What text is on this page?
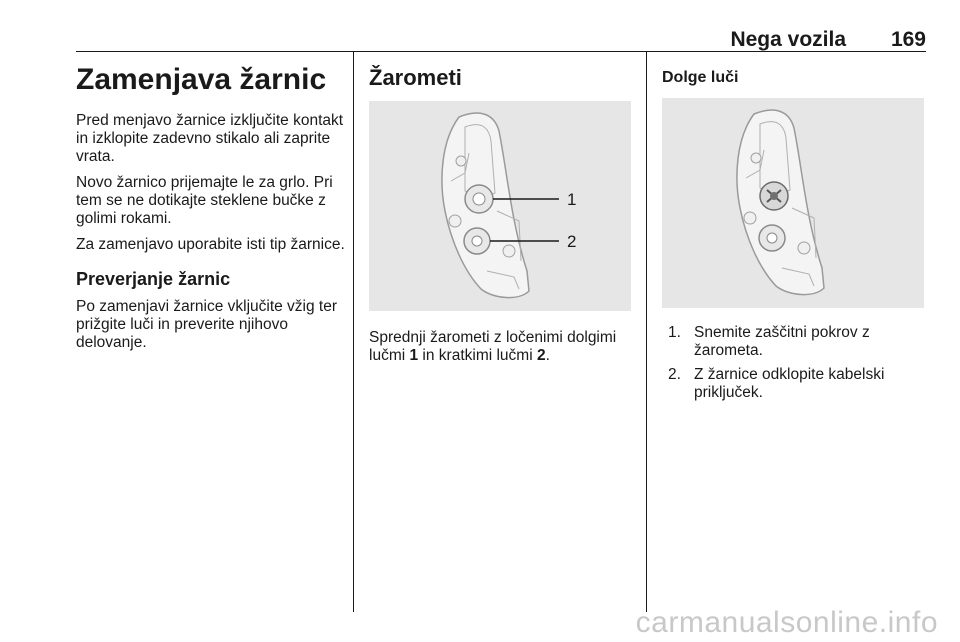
Nega vozila 169
Zamenjava žarnic

Pred menjavo žarnice izključite kontakt in izklopite zadevno stikalo ali zaprite vrata.

Novo žarnico prijemajte le za grlo. Pri tem se ne dotikajte steklene bučke z golimi rokami.

Za zamenjavo uporabite isti tip žarnice.

Preverjanje žarnic

Po zamenjavi žarnice vključite vžig ter prižgite luči in preverite njihovo delovanje.

Žarometi
1
2

Sprednji žarometi z ločenimi dolgimi lučmi 1 in kratkimi lučmi 2.

Dolge luči
1. Snemite zaščitni pokrov z žarometa.
2. Z žarnice odklopite kabelski priključek.
carmanualsonline.info
